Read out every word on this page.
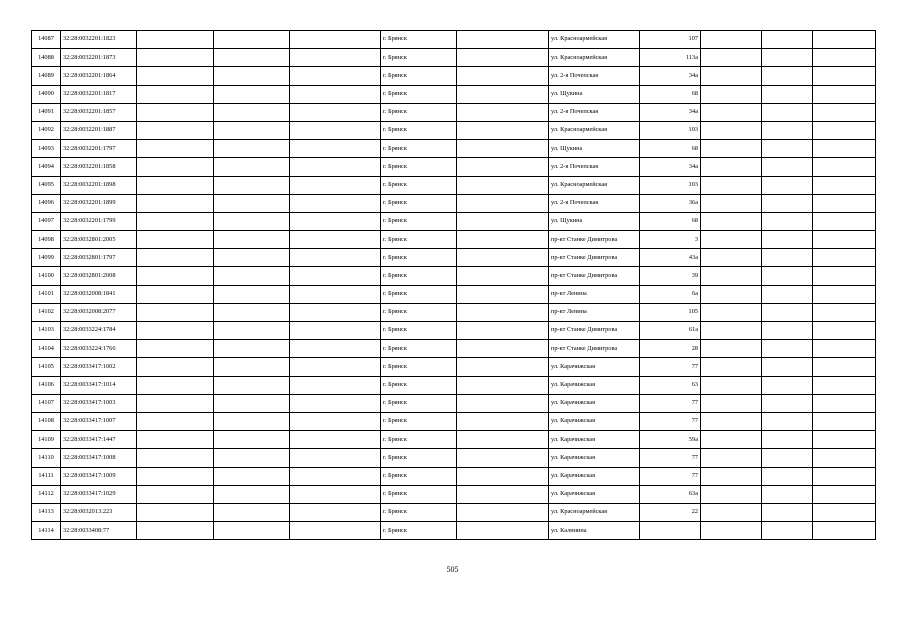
14087	32:28:0032201:1823				г. Брянск		ул. Красноармейская	107			
14088	32:28:0032201:1873				г. Брянск		ул. Красноармейская	113а			
14089	32:28:0032201:1864				г. Брянск		ул. 2-я Почепская	34а			
14090	32:28:0032201:1817				г. Брянск		ул. Щукина	68			
14091	32:28:0032201:1857				г. Брянск		ул. 2-я Почепская	34а			
14092	32:28:0032201:1887				г. Брянск		ул. Красноармейская	103			
14093	32:28:0032201:1797				г. Брянск		ул. Щукина	68			
14094	32:28:0032201:1858				г. Брянск		ул. 2-я Почепская	34а			
14095	32:28:0032201:1898				г. Брянск		ул. Красноармейская	103			
14096	32:28:0032201:1899				г. Брянск		ул. 2-я Почепская	36а			
14097	32:28:0032201:1799				г. Брянск		ул. Щукина	68			
14098	32:28:0032801:2005				г. Брянск		пр-кт Станке Димитрова	3			
14099	32:28:0032801:1797				г. Брянск		пр-кт Станке Димитрова	43а			
14100	32:28:0032801:2008				г. Брянск		пр-кт Станке Димитрова	39			
14101	32:28:0032008:1841				г. Брянск		пр-кт Ленина	6а			
14102	32:28:0032008:2077				г. Брянск		пр-кт Ленина	105			
14103	32:28:0033224:1784				г. Брянск		пр-кт Станке Димитрова	61а			
14104	32:28:0033224:1766				г. Брянск		пр-кт Станке Димитрова	28			
14105	32:28:0033417:1002				г. Брянск		ул. Карачижская	77			
14106	32:28:0033417:1014				г. Брянск		ул. Карачижская	63			
14107	32:28:0033417:1003				г. Брянск		ул. Карачижская	77			
14108	32:28:0033417:1007				г. Брянск		ул. Карачижская	77			
14109	32:28:0033417:1447				г. Брянск		ул. Карачижская	59а			
14110	32:28:0033417:1008				г. Брянск		ул. Карачижская	77			
14111	32:28:0033417:1009				г. Брянск		ул. Карачижская	77			
14112	32:28:0033417:1029				г. Брянск		ул. Карачижская	63а			
14113	32:28:0032013:223				г. Брянск		ул. Красноармейская	22			
14114	32:28:0033408:77				г. Брянск		ул. Калинина				
505
